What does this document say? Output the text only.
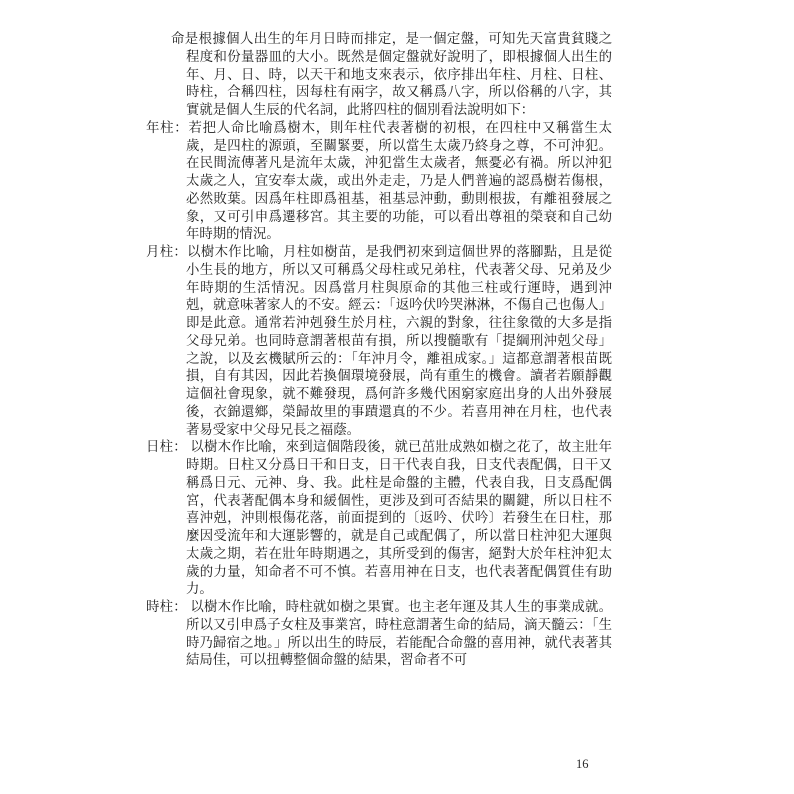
命是根據個人出生的年月日時而排定，是一個定盤，可知先天富貴貧賤之程度和份量器皿的大小。既然是個定盤就好說明了，即根據個人出生的年、月、日、時，以天干和地支來表示，依序排出年柱、月柱、日柱、時柱，合稱四柱，因每柱有兩字，故又稱爲八字，所以俗稱的八字，其實就是個人生辰的代名詞，此將四柱的個別看法說明如下：

年柱：若把人命比喻爲樹木，則年柱代表著樹的初根，在四柱中又稱當生太歲，是四柱的源頭，至關緊要，所以當生太歲乃終身之尊，不可沖犯。在民間流傳著凡是流年太歲，沖犯當生太歲者，無憂必有禍。所以沖犯太歲之人，宜安奉太歲，或出外走走，乃是人們普遍的認爲樹若傷根，必然敗葉。因爲年柱即爲祖基，祖基忌沖動，動則根拔，有離祖發展之象，又可引申爲遷移宮。其主要的功能，可以看出尊祖的榮衰和自己幼年時期的情況。

月柱：以樹木作比喻，月柱如樹苗，是我們初來到這個世界的落腳點，且是從小生長的地方，所以又可稱爲父母柱或兄弟柱，代表著父母、兄弟及少年時期的生活情況。因爲當月柱與原命的其他三柱或行運時，遇到沖剋，就意味著家人的不安。經云：「返吟伏吟哭淋淋，不傷自己也傷人」即是此意。通常若沖剋發生於月柱，六親的對象，往往象徵的大多是指父母兄弟。也同時意謂著根苗有損，所以搜髓歌有「提綱刑沖剋父母」之說，以及玄機賦所云的：「年沖月令，離祖成家。」這都意謂著根苗既損，自有其因，因此若換個環境發展，尚有重生的機會。讀者若願靜觀這個社會現象，就不難發現，爲何許多幾代困窮家庭出身的人出外發展後，衣錦還鄉，榮歸故里的事蹟還真的不少。若喜用神在月柱，也代表著易受家中父母兄長之福蔭。

日柱： 以樹木作比喻，來到這個階段後，就已茁壯成熟如樹之花了，故主壯年時期。日柱又分爲日干和日支，日干代表自我，日支代表配偶，日干又稱爲日元、元神、身、我。此柱是命盤的主體，代表自我，日支爲配偶宮，代表著配偶本身和緩個性，更涉及到可否結果的關鍵，所以日柱不喜沖剋，沖則根傷花落，前面提到的〔返吟、伏吟〕若發生在日柱，那麼因受流年和大運影響的，就是自己或配偶了，所以當日柱沖犯大運與太歲之期，若在壯年時期遇之，其所受到的傷害，絕對大於年柱沖犯太歲的力量，知命者不可不慎。若喜用神在日支，也代表著配偶質佳有助力。

時柱： 以樹木作比喻，時柱就如樹之果實。也主老年運及其人生的事業成就。所以又引申爲子女柱及事業宮，時柱意謂著生命的結局，滴天髓云：「生時乃歸宿之地。」所以出生的時辰，若能配合命盤的喜用神，就代表著其結局佳，可以扭轉整個命盤的結果，習命者不可

16
